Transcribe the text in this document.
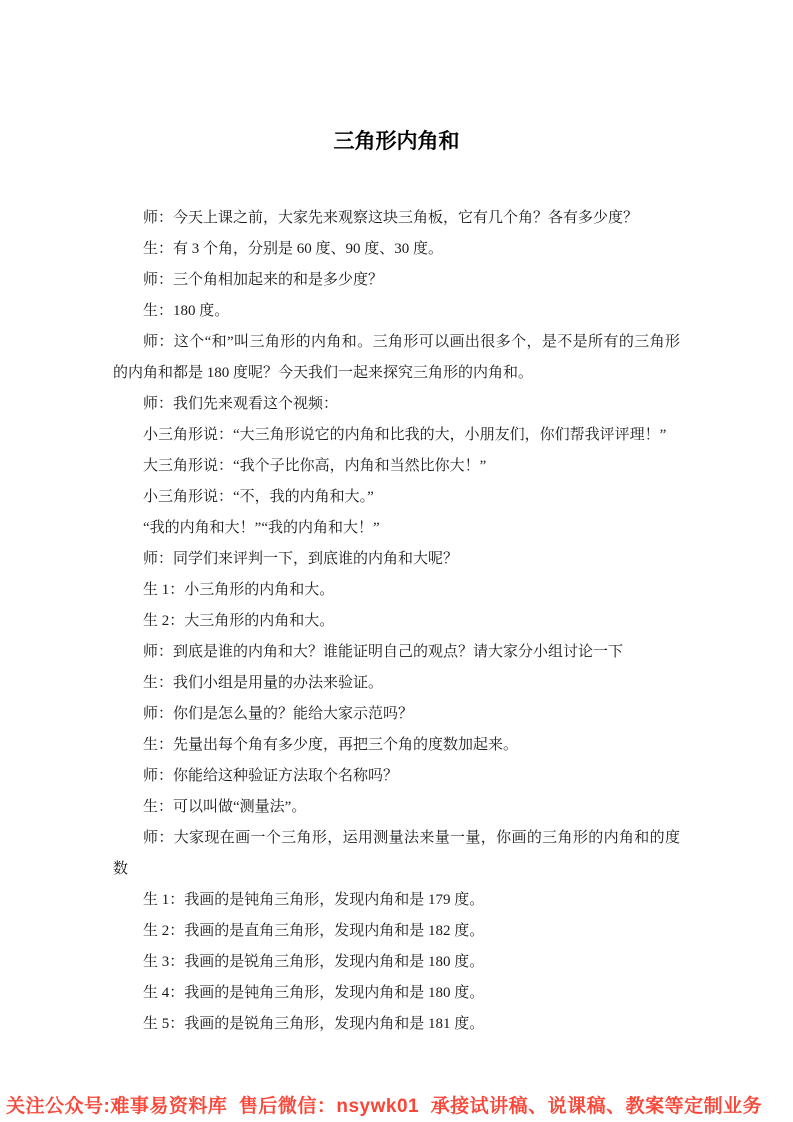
三角形内角和

师：今天上课之前，大家先来观察这块三角板，它有几个角？各有多少度？

生：有 3 个角，分别是 60 度、90 度、30 度。

师：三个角相加起来的和是多少度？

生：180 度。

师：这个“和”叫三角形的内角和。三角形可以画出很多个，是不是所有的三角形的内角和都是 180 度呢？今天我们一起来探究三角形的内角和。

师：我们先来观看这个视频：

小三角形说：“大三角形说它的内角和比我的大，小朋友们，你们帮我评评理！”

大三角形说：“我个子比你高，内角和当然比你大！”

小三角形说：“不，我的内角和大。”

“我的内角和大！”“我的内角和大！”

师：同学们来评判一下，到底谁的内角和大呢？

生 1：小三角形的内角和大。

生 2：大三角形的内角和大。

师：到底是谁的内角和大？谁能证明自己的观点？请大家分小组讨论一下

生：我们小组是用量的办法来验证。

师：你们是怎么量的？能给大家示范吗？

生：先量出每个角有多少度，再把三个角的度数加起来。

师：你能给这种验证方法取个名称吗？

生：可以叫做“测量法”。

师：大家现在画一个三角形，运用测量法来量一量，你画的三角形的内角和的度数

生 1：我画的是钝角三角形，发现内角和是 179 度。

生 2：我画的是直角三角形，发现内角和是 182 度。

生 3：我画的是锐角三角形，发现内角和是 180 度。

生 4：我画的是钝角三角形，发现内角和是 180 度。

生 5：我画的是锐角三角形，发现内角和是 181 度。

关注公众号:难事易资料库  售后微信：nsywk01  承接试讲稿、说课稿、教案等定制业务
